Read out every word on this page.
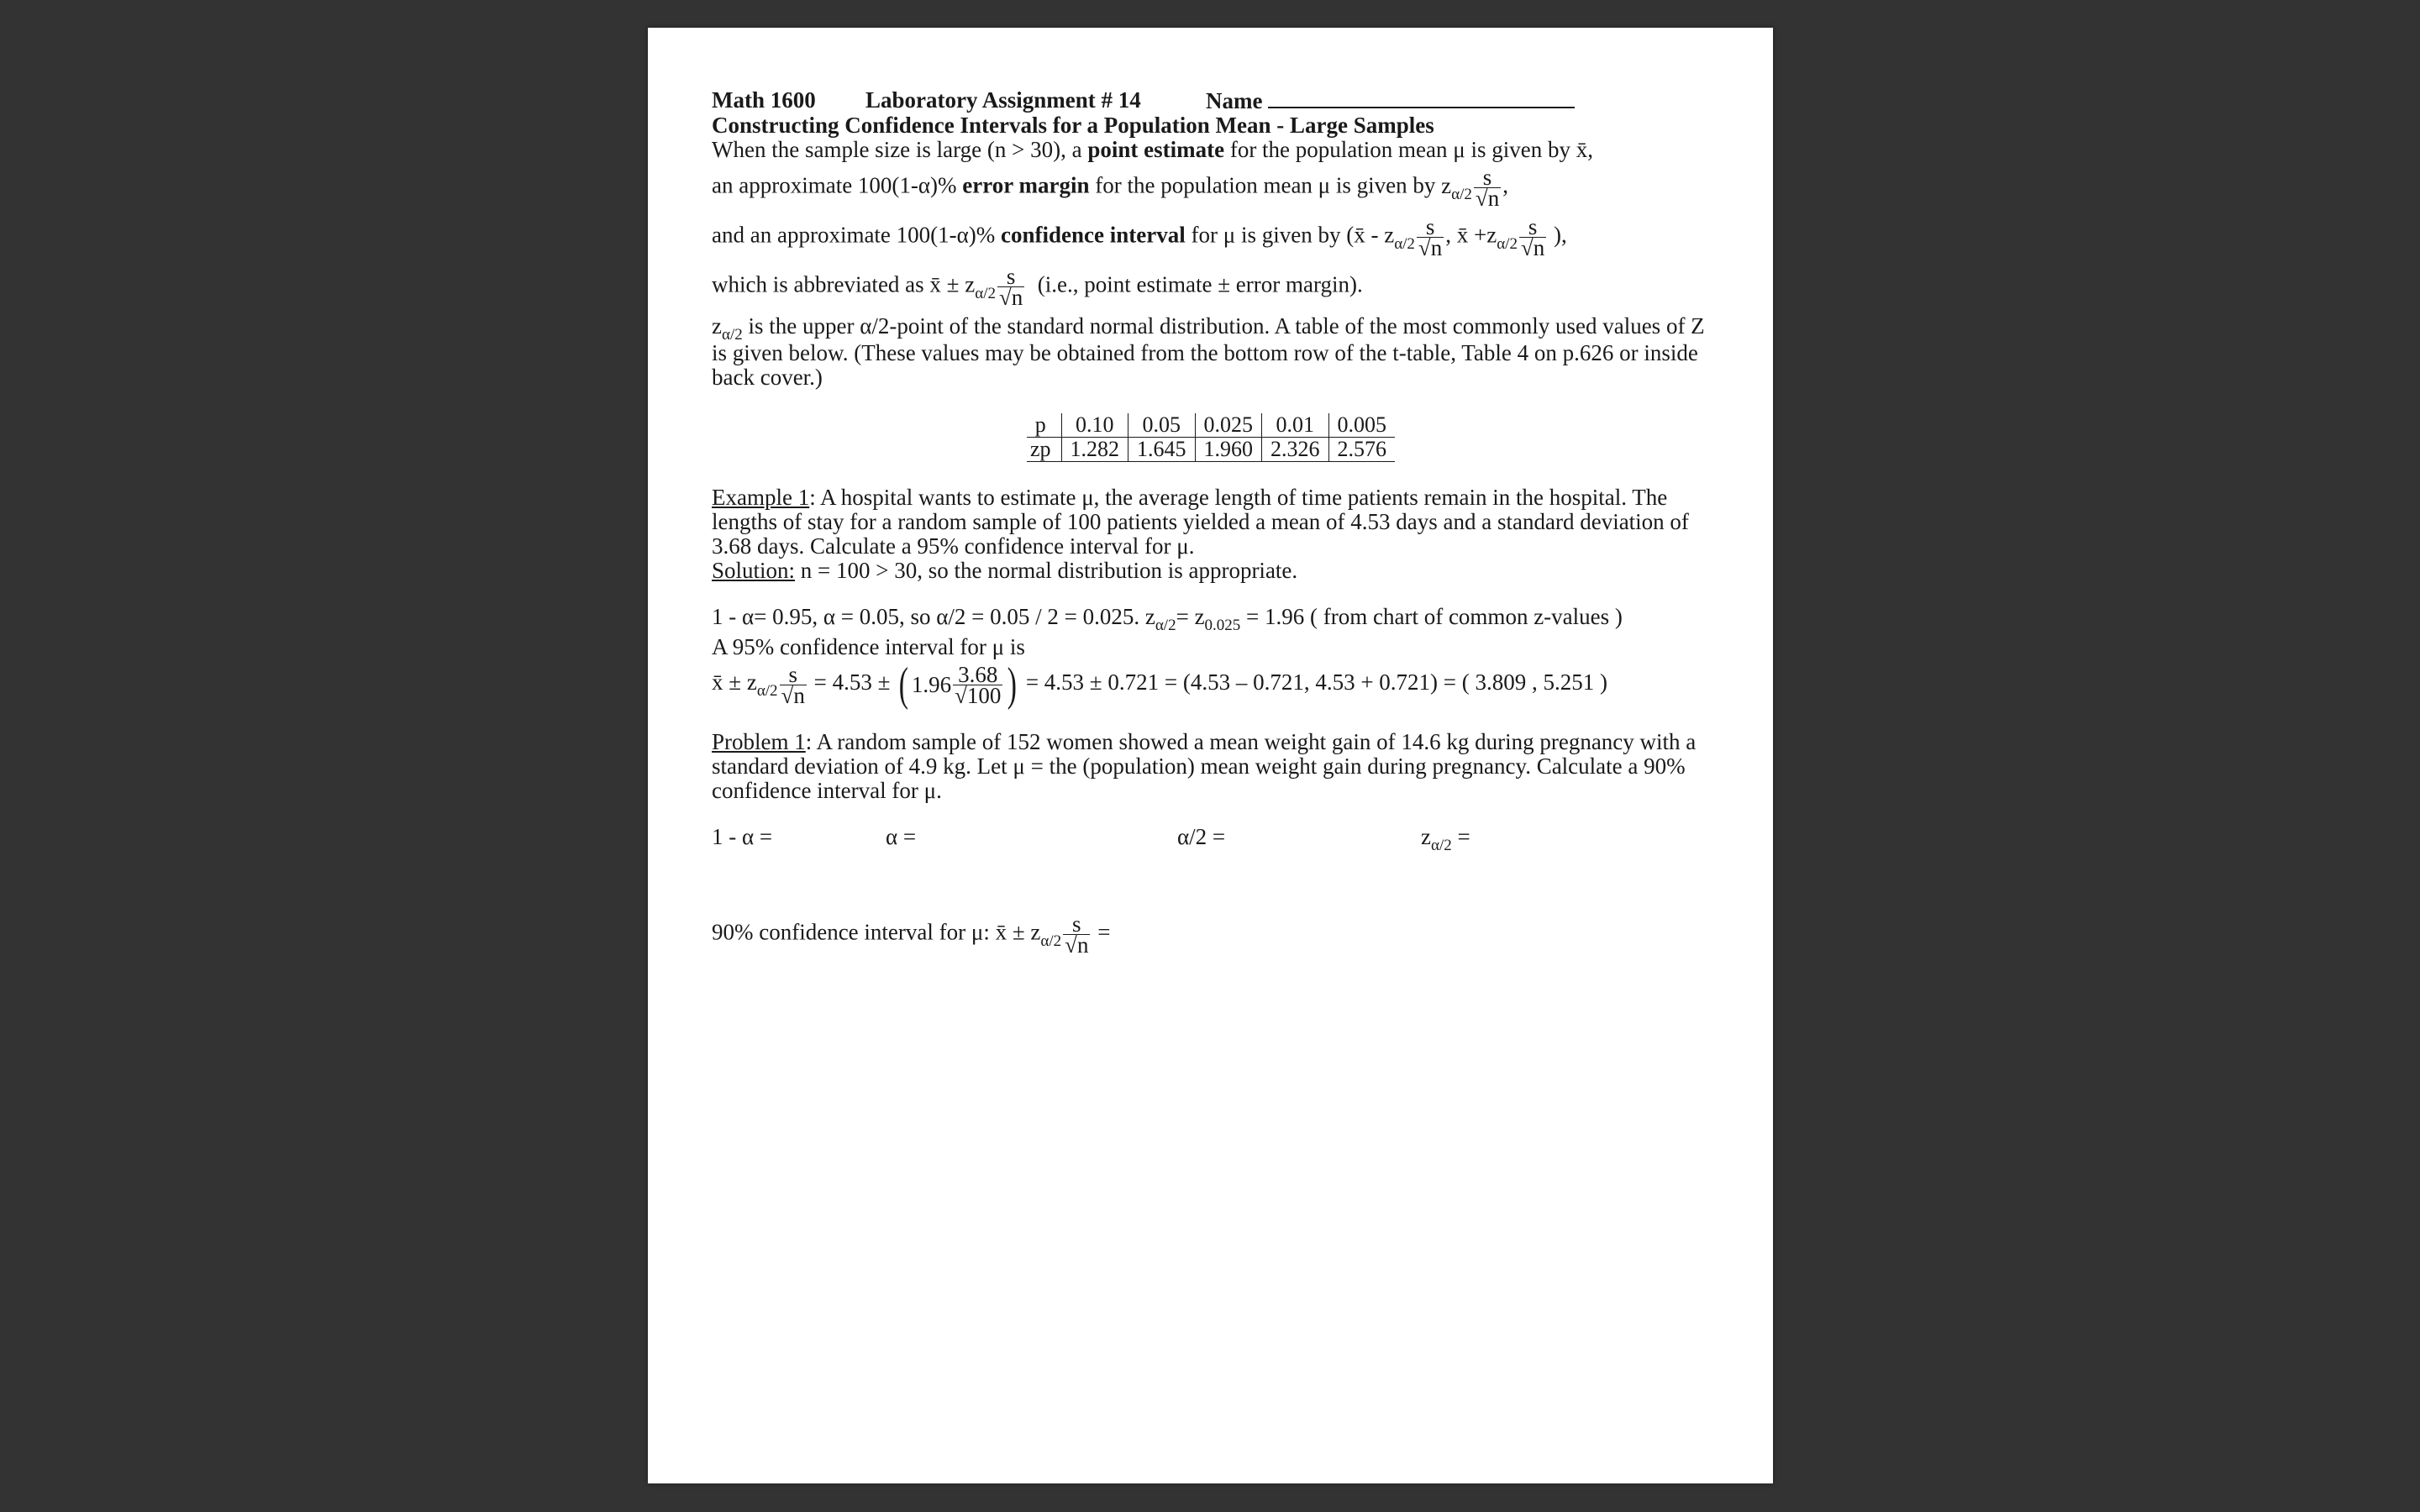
Math 1600	Laboratory Assignment # 14	Name
Constructing Confidence Intervals for a Population Mean - Large Samples
When the sample size is large (n > 30), a point estimate for the population mean μ is given by x̄,
an approximate 100(1-α)% error margin for the population mean μ is given by $z_{\alpha/2} \frac{s}{√n}$ ,
and an approximate 100(1-α)% confidence interval for μ is given by (x̄ - $z_{\alpha/2} \frac{s}{√n}$ , x̄ $+z_{\alpha/2} \frac{s}{√n}$ ),
which is abbreviated as x̄ ± $z_{\alpha/2} \frac{s}{√n} (i.e$., point estimate ± error margin).
$z_{\alpha/2}$ is the upper α/2-point of the standard normal distribution. A table of the most commonly used values of Z is given below. (These values may be obtained from the bottom row of the t-table, Table 4 on p.626 or inside back cover.)
p	0.10	0.05	0.025	0.01	0.005
zp	1.282	1.645	1.960	2.326	2.576
Example 1: A hospital wants to estimate μ, the average length of time patients remain in the hospital. The lengths of stay for a random sample of 100 patients yielded a mean of 4.53 days and a standard deviation of 3.68 days. Calculate a 95% confidence interval for μ.
Solution: n = 100 > 30, so the normal distribution is appropriate.
1 - α= 0.95, α = 0.05, so α/2 = 0.05 / 2 = 0.025. $z_{\alpha/2}= z_{0.025} = 1.96$ ( from chart of common z-values )
A 95% confidence interval for μ is
x̄ ± $z_{\alpha/2} \frac{s}{√n} = 4.53$ ± ( $1.96 \frac{3.68}{√100}$ ) = 4.53 ± 0.721 = (4.53 – 0.721, 4.53 + 0.721) = ( 3.809 , 5.251 )
Problem 1: A random sample of 152 women showed a mean weight gain of 14.6 kg during pregnancy with a standard deviation of 4.9 kg. Let μ = the (population) mean weight gain during pregnancy. Calculate a 90% confidence interval for μ.
1 - α =	α =	α/2 =	zα/2 =
90% confidence interval for μ: x̄ ± $z_{\alpha/2} \frac{s}{√n}$ =
